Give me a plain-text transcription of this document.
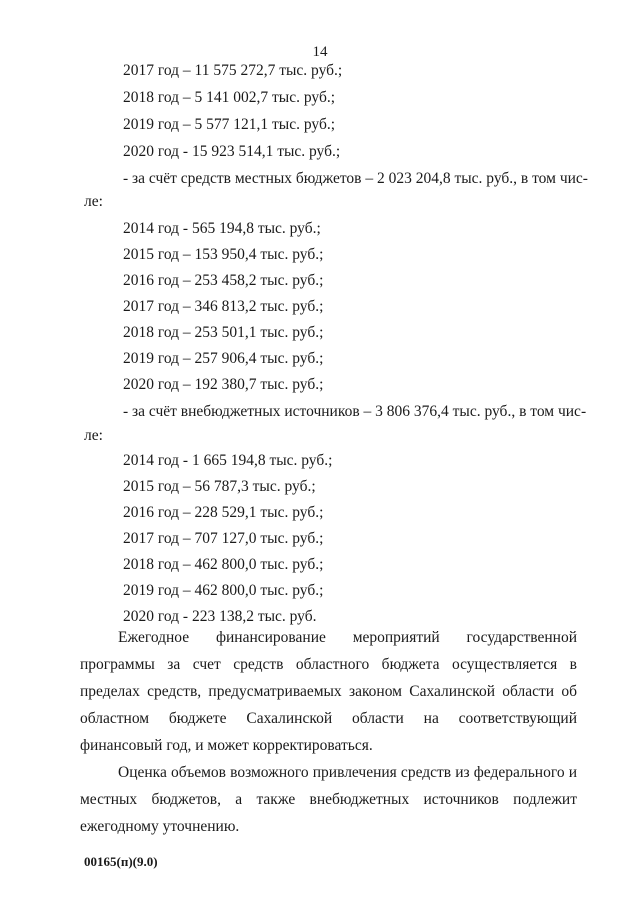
14
2017 год – 11 575 272,7 тыс. руб.;
2018 год – 5 141 002,7 тыс. руб.;
2019 год – 5 577 121,1 тыс. руб.;
2020 год - 15 923 514,1 тыс. руб.;
- за счёт средств местных бюджетов – 2 023 204,8 тыс. руб., в том чис-
ле:
2014 год - 565 194,8 тыс. руб.;
2015 год – 153 950,4 тыс. руб.;
2016 год – 253 458,2 тыс. руб.;
2017 год – 346 813,2 тыс. руб.;
2018 год – 253 501,1 тыс. руб.;
2019 год – 257 906,4 тыс. руб.;
2020 год – 192 380,7 тыс. руб.;
- за счёт внебюджетных источников – 3 806 376,4 тыс. руб., в том чис-
ле:
2014 год - 1 665 194,8 тыс. руб.;
2015 год – 56 787,3 тыс. руб.;
2016 год – 228 529,1 тыс. руб.;
2017 год – 707 127,0 тыс. руб.;
2018 год – 462 800,0 тыс. руб.;
2019 год – 462 800,0 тыс. руб.;
2020 год - 223 138,2 тыс. руб.
Ежегодное финансирование мероприятий государственной программы за счет средств областного бюджета осуществляется в пределах средств, предусматриваемых законом Сахалинской области об областном бюджете Сахалинской области на соответствующий финансовый год, и может корректироваться.
Оценка объемов возможного привлечения средств из федерального и местных бюджетов, а также внебюджетных источников подлежит ежегодному уточнению.
00165(п)(9.0)
